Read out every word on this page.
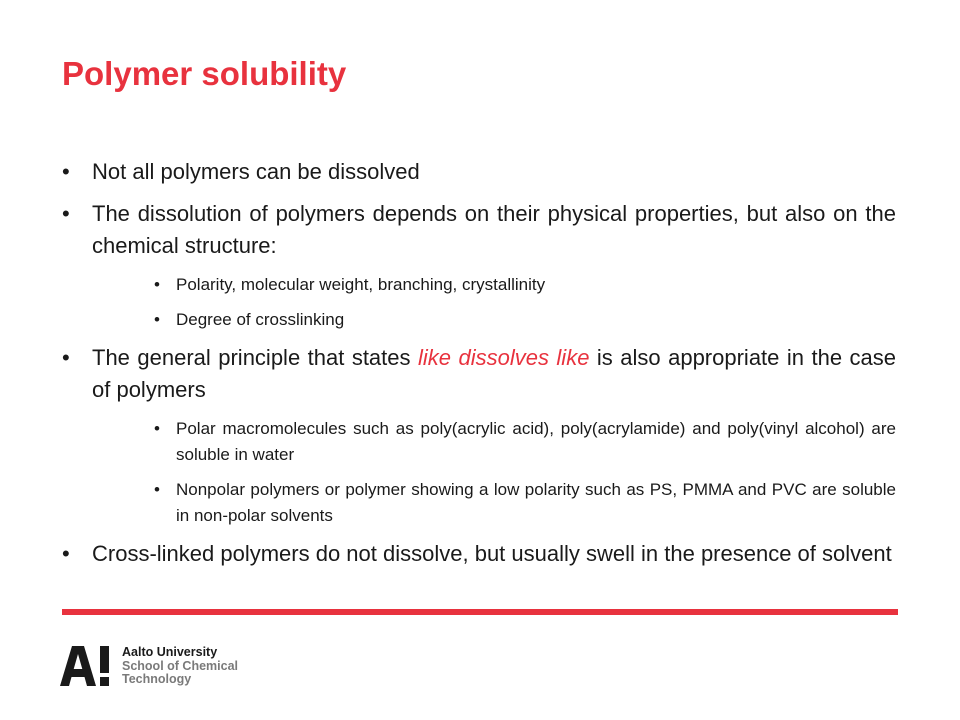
Polymer solubility
• Not all polymers can be dissolved
• The dissolution of polymers depends on their physical properties, but also on the chemical structure:
• Polarity, molecular weight, branching, crystallinity
• Degree of crosslinking
• The general principle that states like dissolves like is also appropriate in the case of polymers
• Polar macromolecules such as poly(acrylic acid), poly(acrylamide) and poly(vinyl alcohol) are soluble in water
• Nonpolar polymers or polymer showing a low polarity such as PS, PMMA and PVC are soluble in non-polar solvents
• Cross-linked polymers do not dissolve, but usually swell in the presence of solvent
Aalto University
School of Chemical
Technology
